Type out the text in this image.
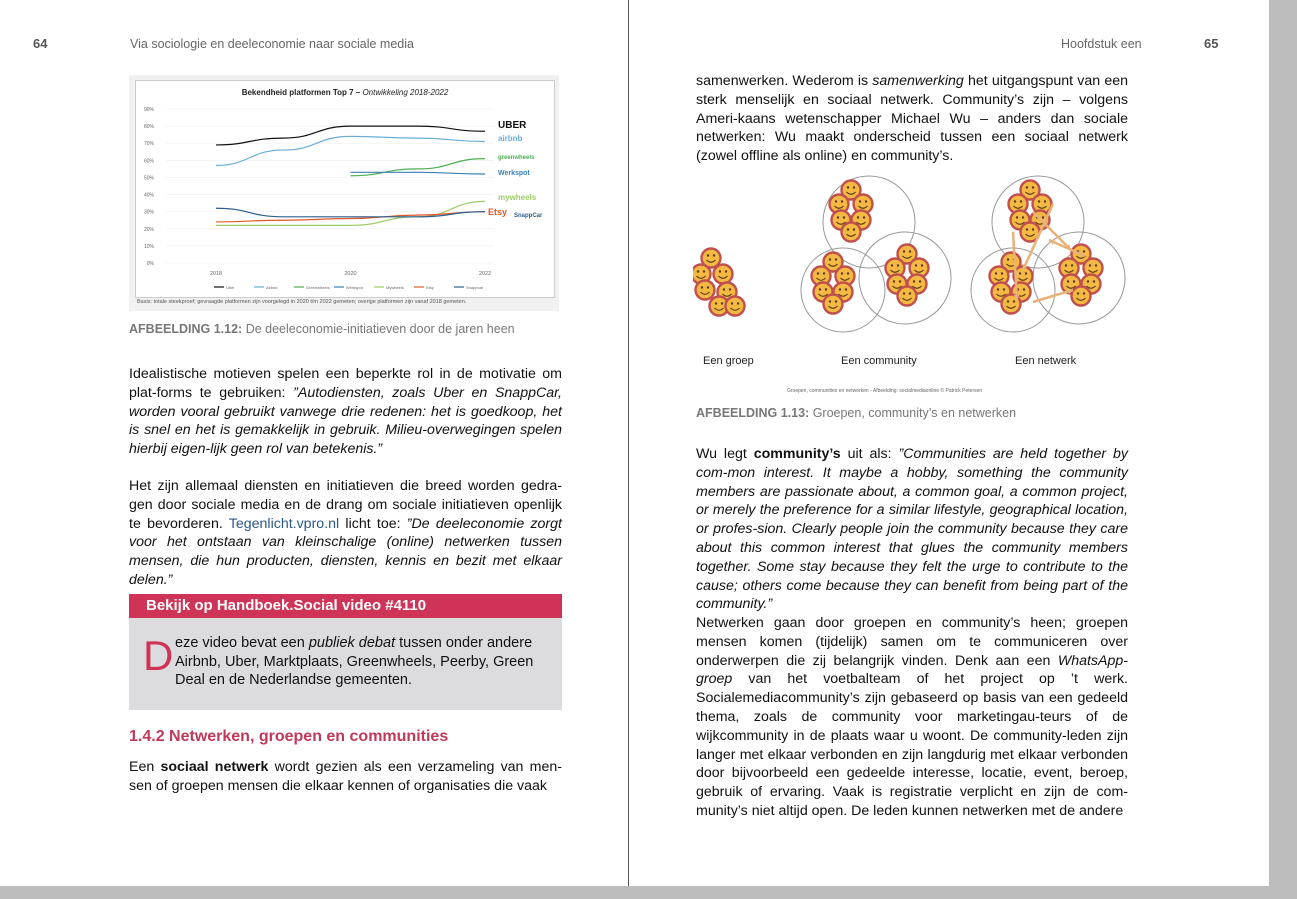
64	Via sociologie en deeleconomie naar sociale media
Bekendheid platformen Top 7 – Ontwikkeling 2018-2022
90%
80%
70%
60%
50%
40%
30%
20%
10%
0%
2018	2020	2022
UBER
airbnb
greenwheels
Werkspot
mywheels
Etsy SnappCar
Uber	Airbnb	Greenwheels	Werkspot	Mywheels	Etsy	Snappcar
Basis: totale steekproef; gevraagde platformen zijn voorgelegd in 2020 t/m 2022 gemeten; overige platformen zijn vanaf 2018 gemeten.
AFBEELDING 1.12: De deeleconomie-initiatieven door de jaren heen
Idealistische motieven spelen een beperkte rol in de motivatie om plat-forms te gebruiken: ”Autodiensten, zoals Uber en SnappCar, worden vooral gebruikt vanwege drie redenen: het is goedkoop, het is snel en het is gemakkelijk in gebruik. Milieu-overwegingen spelen hierbij eigen-lijk geen rol van betekenis.”
Het zijn allemaal diensten en initiatieven die breed worden gedra-gen door sociale media en de drang om sociale initiatieven openlijk te bevorderen. Tegenlicht.vpro.nl licht toe: ”De deeleconomie zorgt voor het ontstaan van kleinschalige (online) netwerken tussen mensen, die hun producten, diensten, kennis en bezit met elkaar delen.”
Bekijk op Handboek.Social video #4110
D eze video bevat een publiek debat tussen onder andere Airbnb, Uber, Marktplaats, Greenwheels, Peerby, Green Deal en de Nederlandse gemeenten.
1.4.2 Netwerken, groepen en communities
Een sociaal netwerk wordt gezien als een verzameling van men-sen of groepen mensen die elkaar kennen of organisaties die vaak
Hoofdstuk een	65
samenwerken. Wederom is samenwerking het uitgangspunt van een sterk menselijk en sociaal netwerk. Community’s zijn – volgens Ameri-kaans wetenschapper Michael Wu – anders dan sociale netwerken: Wu maakt onderscheid tussen een sociaal netwerk (zowel offline als online) en community’s.
Een groep	Een community	Een netwerk
Groepen, communities en netwerken - Afbeelding: socialmediaonline © Patrick Petersen
AFBEELDING 1.13: Groepen, community’s en netwerken
Wu legt community’s uit als: ”Communities are held together by com-mon interest. It maybe a hobby, something the community members are passionate about, a common goal, a common project, or merely the preference for a similar lifestyle, geographical location, or profes-sion. Clearly people join the community because they care about this common interest that glues the community members together. Some stay because they felt the urge to contribute to the cause; others come because they can benefit from being part of the community.”
Netwerken gaan door groepen en community’s heen; groepen mensen komen (tijdelijk) samen om te communiceren over onderwerpen die zij belangrijk vinden. Denk aan een WhatsApp-groep van het voetbalteam of het project op ’t werk. Socialemediacommunity’s zijn gebaseerd op basis van een gedeeld thema, zoals de community voor marketingau-teurs of de wijkcommunity in de plaats waar u woont. De community-leden zijn langer met elkaar verbonden en zijn langdurig met elkaar verbonden door bijvoorbeeld een gedeelde interesse, locatie, event, beroep, gebruik of ervaring. Vaak is registratie verplicht en zijn de com-munity’s niet altijd open. De leden kunnen netwerken met de andere
